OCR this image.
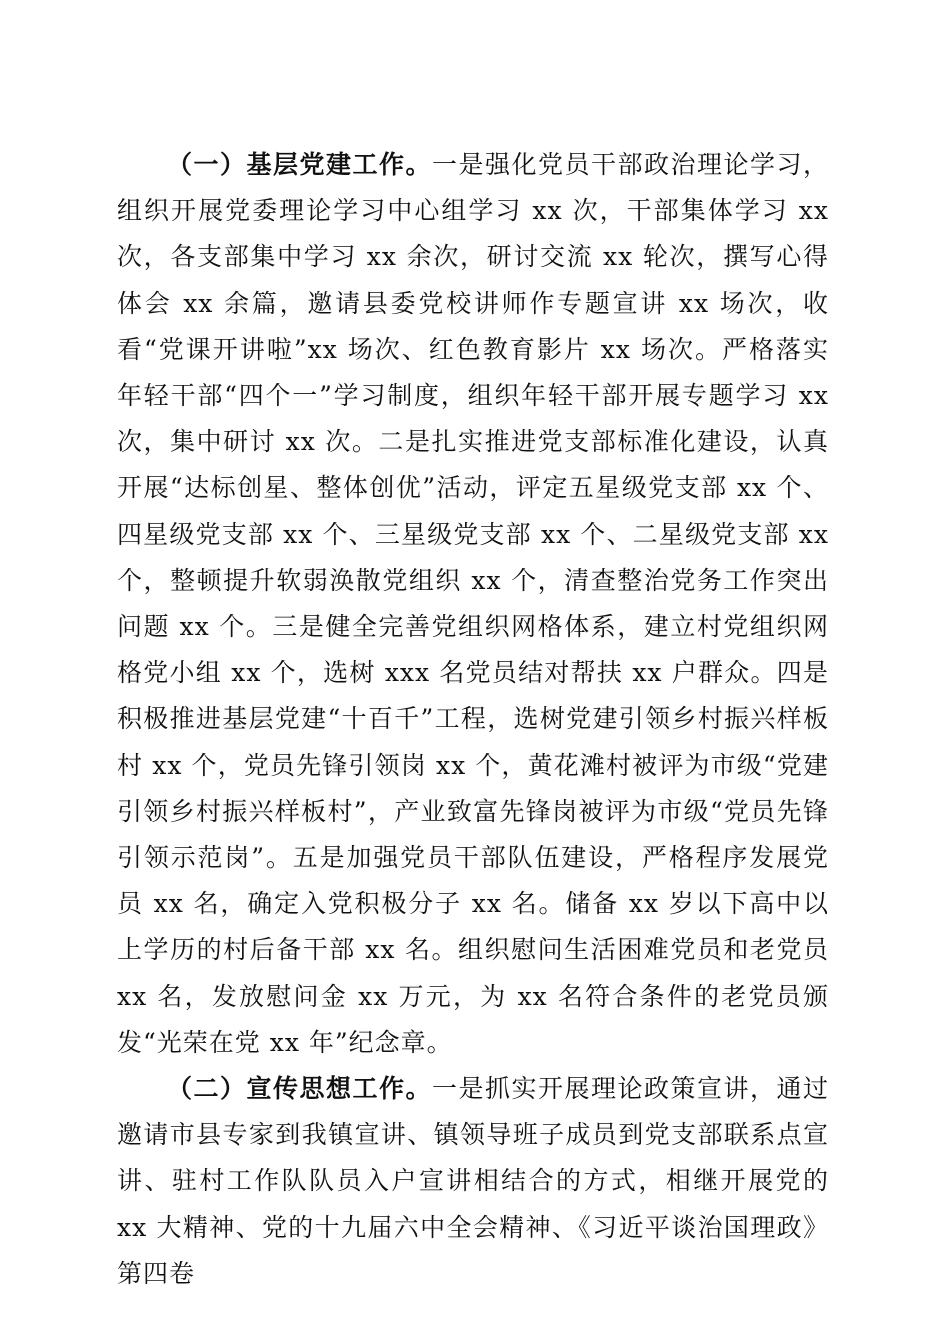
（一）基层党建工作。一是强化党员干部政治理论学习，组织开展党委理论学习中心组学习 xx 次，干部集体学习 xx 次，各支部集中学习 xx 余次，研讨交流 xx 轮次，撰写心得体会 xx 余篇，邀请县委党校讲师作专题宣讲 xx 场次，收看“党课开讲啦”xx 场次、红色教育影片 xx 场次。严格落实年轻干部“四个一”学习制度，组织年轻干部开展专题学习 xx 次，集中研讨 xx 次。二是扎实推进党支部标准化建设，认真开展“达标创星、整体创优”活动，评定五星级党支部 xx 个、四星级党支部 xx 个、三星级党支部 xx 个、二星级党支部 xx 个，整顿提升软弱涣散党组织 xx 个，清查整治党务工作突出问题 xx 个。三是健全完善党组织网格体系，建立村党组织网格党小组 xx 个，选树 xxx 名党员结对帮扶 xx 户群众。四是积极推进基层党建“十百千”工程，选树党建引领乡村振兴样板村 xx 个，党员先锋引领岗 xx 个，黄花滩村被评为市级“党建引领乡村振兴样板村”，产业致富先锋岗被评为市级“党员先锋引领示范岗”。五是加强党员干部队伍建设，严格程序发展党员 xx 名，确定入党积极分子 xx 名。储备 xx 岁以下高中以上学历的村后备干部 xx 名。组织慰问生活困难党员和老党员 xx 名，发放慰问金 xx 万元，为 xx 名符合条件的老党员颁发“光荣在党 xx 年”纪念章。

（二）宣传思想工作。一是抓实开展理论政策宣讲，通过邀请市县专家到我镇宣讲、镇领导班子成员到党支部联系点宣讲、驻村工作队队员入户宣讲相结合的方式，相继开展党的 xx 大精神、党的十九届六中全会精神、《习近平谈治国理政》第四卷
